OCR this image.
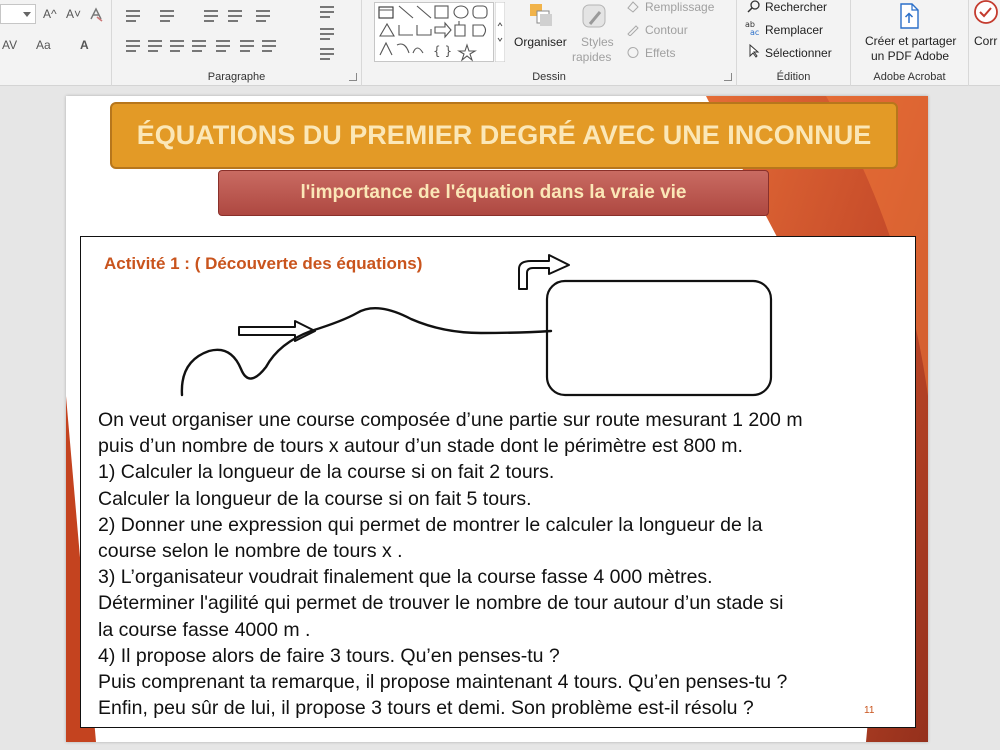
A^ A˅
AV Aa A
Paragraphe
{ }
Organiser Styles
rapides
Remplissage
Contour
Effets
Dessin
Rechercher
ab
ac Remplacer
Sélectionner
Édition
Créer et partager
un PDF Adobe
Adobe Acrobat
Corr
ÉQUATIONS DU PREMIER DEGRÉ AVEC UNE INCONNUE
l'importance de l'équation dans la vraie vie
Activité 1 : ( Découverte des équations)

On veut organiser une course composée d’une partie sur route mesurant 1 200 m

puis d’un nombre de tours x autour d’un stade dont le périmètre est 800 m.

1) Calculer la longueur de la course si on fait 2 tours.

Calculer la longueur de la course si on fait 5 tours.

2) Donner une expression qui permet de montrer le calculer la longueur de la

course selon le nombre de tours x .

3) L’organisateur voudrait finalement que la course fasse 4 000 mètres.

Déterminer l'agilité qui permet de trouver le nombre de tour autour d’un stade si

la course fasse 4000 m .

4) Il propose alors de faire 3 tours. Qu’en penses-tu ?

Puis comprenant ta remarque, il propose maintenant 4 tours. Qu’en penses-tu ?

Enfin, peu sûr de lui, il propose 3 tours et demi. Son problème est-il résolu ?	11
